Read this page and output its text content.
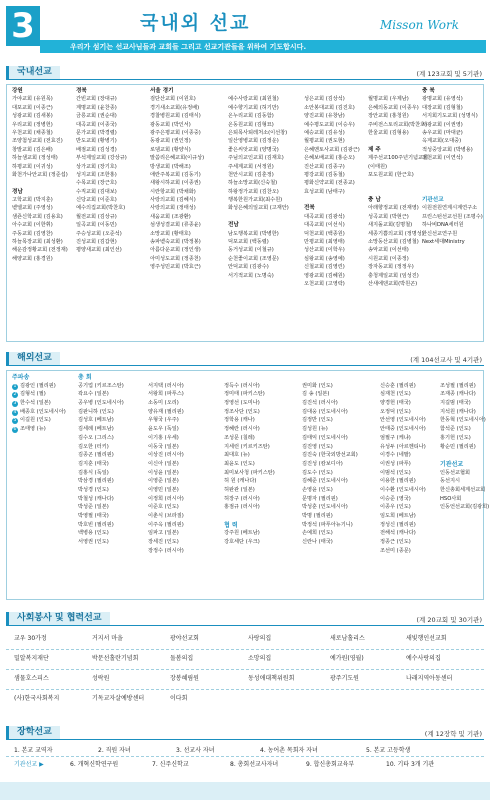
3	국내외 선교	Misson Work
우리가 섬기는 선교사님들과 교회들 그리고 선교기관들을 위하여 기도합시다.
국내선교	(계 123교회 및 5기관)
강원
가야교회 (유원목)
대포교회 (이종근)
성광교회 (김새봉)
우리교회 (정병헌)
우천교회 (채종철)
조양첨성교회 (전효진)
창발교회 (김은배)
하늘샘교회 (정성태)
하평교회 (이귀성)
화천가나안교회 (정준섭)
경남
고학교회 (박지훈)
벧엘교회 (주영성)
샘죤신학교회 (김용효)
아수교회 (이한휘)
주동교회 (김영찬)
하늘목장교회 (최성환)
해운감정황교회 (전정재)
해양교회 (홍경원)
경북
간빈교회 (장대규)
계명교회 (윤찬종)
금릉교회 (권순대)
대곡교회 (이종국)
문가교회 (박경렬)
반도교회 (황병기)
배점교회 (김성경)
부석제일교회 (강상규)
상가교회 (장기호)
성지교회 (조한홍)
수목교회 (장근호)
수직교회 (김대보)
신당교회 (이준호)
예수의집교회(박찬호)
월전교회 (김상규)
일곡교회 (이동민)
주승성교회 (오준석)
진성교회 (김갑현)
평양새교회 (최인선)
서울 경기
검단산교회 (이원호)
경기새소교회(유정배)
경찰병원교회 (김태식)
광동교회 (박인서)
광주은평교회 (이종중)
동광교회 (권인정)
로뎀교회 (황양식)
말씀리은혜교회(이규상)
방생교회 (박해조)
애란주복교회 (김동기)
새왕시하교회 (이종권)
시란항교회 (박채화)
사랑의교회 (김혜식)
사랑의교회 (정태성)
새움교회 (조광환)
섬생성결교회 (류종윤)
소망교회 (황태호)
송파벧숙교회 (박정봉)
아름다운교회 (정인생)
아미성도교회 (정종천)
영주성민교회 (박효근)
예수사랑교회 (최원철)
예수향기교회 (허기만)
온누리교회 (김동함)
온동원교회 (김형묘)
은퇴목사퇴레처소(이선창)
일산영병교회 (김정운)
좋은씨앗교회 (양명국)
주님의교인교회 (김재호)
주세계교회 (서정원)
천안시교회 (김훈정)
하늘소망교회(신숙철)
하왕정가교회 (김찬오)
행복한원가교회(최수원)
화성은혜의일교회 (고재안)
전남
남도행복교회 (박병한)
덕포교회 (백동렬)
동거성교회 (이철규)
순천좋이교회 (조영문)
안덕교회 (김광수)
서기적교회 (노명숙)
성은교회 (김상석)
소안봉대교회 (김진호)
양진교회 (유창남)
예수평도교회 (이승우)
예승교회 (김유성)
월평교회 (권도현)
은혜멘토사교회 (김광근)
은혜보배교회 (홍순오)
진산교회 (김종구)
평강교회 (김동철)
평화신약교회 (전종교)
효성교회 (남태구)
전북
대곡교회 (김광석)
대곡교회 (이선식)
덕천교회 (백종원)
만평교회 (최영태)
성산교회 (이학우)
심왕교회 (송영예)
신철교회 (김영린)
영광교회 (김혜원)
오천교회 (고영락)
월명교회 (우제남)
은혜의동교회 (이종우)
장안교회 (홍청원)
주비전스토리교회(박찬호)
한울교회 (김형용)
제 주
제주선교100주년기념교회
(이태원)
포도원교회 (한근호)
충 남
아래향정교회 (전재영)
성곡교회 (박현근)
새지돌교회(김명철)
세종기쁨의교회 (정명성)
소망동산교회 (김병철)
송악교회 (이선태)
시원교회 (이종정)
장자동교회 (정정우)
충청제일교회 (임성진)
산새에덴교회(박원곤)
충 북
광명교회 (유영석)
대장교회 (김형철)
서지회기도교회 (성명식)
서광교회 (이권영)
송우교회 (마대균)
옥계교회(오대중)
적성중앙교회 (박병용)
전천교회 (이연석)
기관선교
이원전원연계시계연구소
프린스턴선교선원 (조평수)
하나비DNA세터원
한신선교연구원
Next세대Ministry
해외선교	(계 104선교사 및 4기관)
주파송
1 김광인 (필리핀)
2 김형석 (필)
3 한수석 (일본)
4 배종호 (인도네시아)
5 이길원 (인도)
6 조태영 (뉴)
총 회
공기업 (키르조스탄)
곽요수 (일본)
공우병 (인도네시아)
김판니하 (인도)
김성호 (베트남)
김세례 (베트남)
김수오 (그리스)
김오한 (터키)
김종곤 (필리핀)
김지훈 (태국)
김홍식 (독일)
박삼경 (필리핀)
박성경 (인도)
박철성 (캐나다)
박성준 (일본)
박영필 (태국)
박호빈 (필리핀)
백병용 (인도)
서영권 (인도)
서지택 (러시아)
서왕희 (파푸스)
소동미 (오리)
양유재 (필리핀)
우형국 (우주)
윤도우 (독일)
이기홍 (우세)
이동국 (일본)
이상진 (러시아)
이신아 (일본)
이성윤 (일본)
이영준 (일본)
이영민 (일본)
이정희 (러시아)
이준호 (인도)
이춘식 (브라질)
이주옥 (필리핀)
임파고 (일본)
장세진 (인도)
장정수 (러시아)
정득수 (러시아)
정미태 (파키스탄)
정영선 (도미나)
정조사단 (인도)
정학용 (캐나)
정혜란 (러시아)
조성문 (칠레)
지세런 (키르키즈탄)
최대호 (뉴)
최윤도 (인도)
최미보사청 (파키스탄)
허 원 (캐나다)
허완관 (일본)
허장구 (러시아)
홍점규 (러시아)
협 력
강주원 (베트남)
강호세단 (우크)
권미화 (인도)
김 송 (일본)
김진석 (러시아)
김대웅 (인도네시아)
김정반 (인도)
김성원 (뉴)
김태익 (인도네시아)
김진영 (인도)
김진숙 (한국외방선교회)
김진성 (캄보디아)
김도수 (인도)
김혜준 (인도네시아)
손영윤 (인도)
문명자 (필리핀)
박성훈 (인도네시아)
박명 (필리핀)
박정석 (파푸아뉴기니)
손예희 (인도)
신란나 (태국)
신승훈 (필리핀)
심재천 (인도)
양경헌 (태국)
오정덕 (인도)
안선영 (인도네시아)
안태중 (인도네시아)
엄필구 (케냐)
유성두 (아르헨티나)
이경수 (네팔)
이권성 (파푸)
이범석 (인도)
이용한 (필리핀)
이수환 (인도네시아)
이승준 (영국)
이종우 (인도)
임도희 (베트남)
정성신 (필리핀)
전해석 (캐나다)
정종근 (인도)
조선미 (종문)
조성필 (필리핀)
조재종 (캐나다)
지길범 (태국)
지석원 (캐나다)
한동혁 (인도네시아)
함석준 (인도)
홍기헌 (인도)
황순민 (필리핀)
기관선교
인동선교협회
동선지시
한신총회세계선교회
HSO사회
인동언선교회(김광희)
사회봉사 및 협력선교	(계 20교회 및 30기관)
교우 30가정	거지서 마을	광야선교회	사랑의집	새로남홀리스	새빛행인선교회
밀알복지재단	박문선홀란기념회	돌봄의집	소망의집	예가원(영월)	예수사랑의집
샘물호스피스	성락원	장봉혜림원	동성애대책위원회	광주기도원	나래지역아동센터
(사)한국사회복지	기독교자살예방센터	이다회
장학선교	(계 12장학 및 기관)
1. 본교 교역자	2. 직원 자녀	3. 선교사 자녀	4. 농어촌 목회자 자녀	5. 본교 고등학생
기관선교 ▶	6. 개혁신학연구원	7. 신주신학교	8. 총회선교사자녀	9. 합신총회교육부	10. 기타 3개 기관
